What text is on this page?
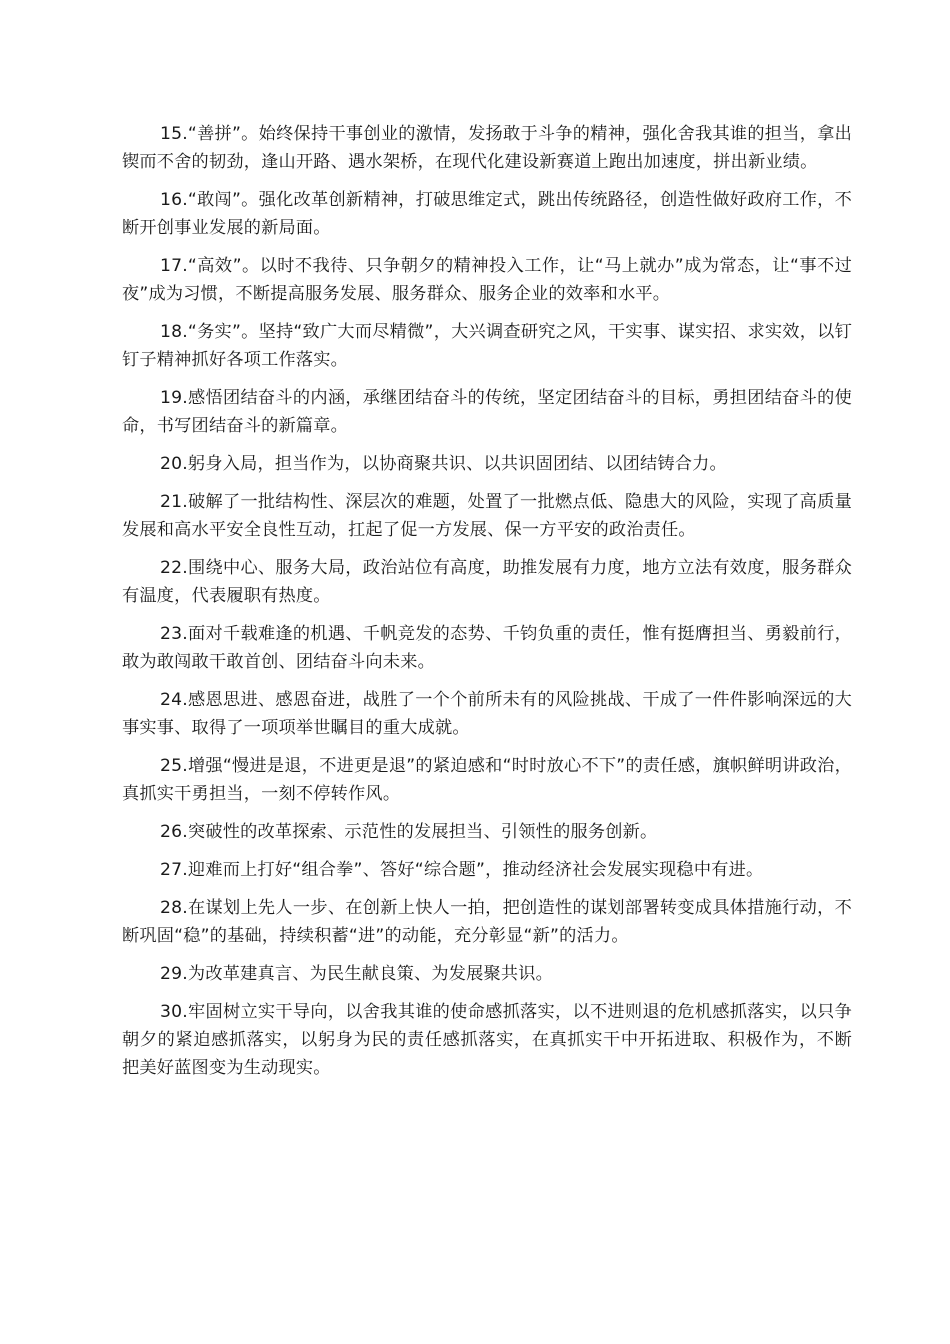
15.“善拼”。始终保持干事创业的激情，发扬敢于斗争的精神，强化舍我其谁的担当，拿出锲而不舍的韧劲，逢山开路、遇水架桥，在现代化建设新赛道上跑出加速度，拼出新业绩。

16.“敢闯”。强化改革创新精神，打破思维定式，跳出传统路径，创造性做好政府工作，不断开创事业发展的新局面。

17.“高效”。以时不我待、只争朝夕的精神投入工作，让“马上就办”成为常态，让“事不过夜”成为习惯，不断提高服务发展、服务群众、服务企业的效率和水平。

18.“务实”。坚持“致广大而尽精微”，大兴调查研究之风，干实事、谋实招、求实效，以钉钉子精神抓好各项工作落实。

19.感悟团结奋斗的内涵，承继团结奋斗的传统，坚定团结奋斗的目标，勇担团结奋斗的使命，书写团结奋斗的新篇章。

20.躬身入局，担当作为，以协商聚共识、以共识固团结、以团结铸合力。

21.破解了一批结构性、深层次的难题，处置了一批燃点低、隐患大的风险，实现了高质量发展和高水平安全良性互动，扛起了促一方发展、保一方平安的政治责任。

22.围绕中心、服务大局，政治站位有高度，助推发展有力度，地方立法有效度，服务群众有温度，代表履职有热度。

23.面对千载难逢的机遇、千帆竞发的态势、千钧负重的责任，惟有挺膺担当、勇毅前行，敢为敢闯敢干敢首创、团结奋斗向未来。

24.感恩思进、感恩奋进，战胜了一个个前所未有的风险挑战、干成了一件件影响深远的大事实事、取得了一项项举世瞩目的重大成就。

25.增强“慢进是退，不进更是退”的紧迫感和“时时放心不下”的责任感，旗帜鲜明讲政治，真抓实干勇担当，一刻不停转作风。

26.突破性的改革探索、示范性的发展担当、引领性的服务创新。

27.迎难而上打好“组合拳”、答好“综合题”，推动经济社会发展实现稳中有进。

28.在谋划上先人一步、在创新上快人一拍，把创造性的谋划部署转变成具体措施行动，不断巩固“稳”的基础，持续积蓄“进”的动能，充分彰显“新”的活力。

29.为改革建真言、为民生献良策、为发展聚共识。

30.牢固树立实干导向，以舍我其谁的使命感抓落实，以不进则退的危机感抓落实，以只争朝夕的紧迫感抓落实，以躬身为民的责任感抓落实，在真抓实干中开拓进取、积极作为，不断把美好蓝图变为生动现实。
